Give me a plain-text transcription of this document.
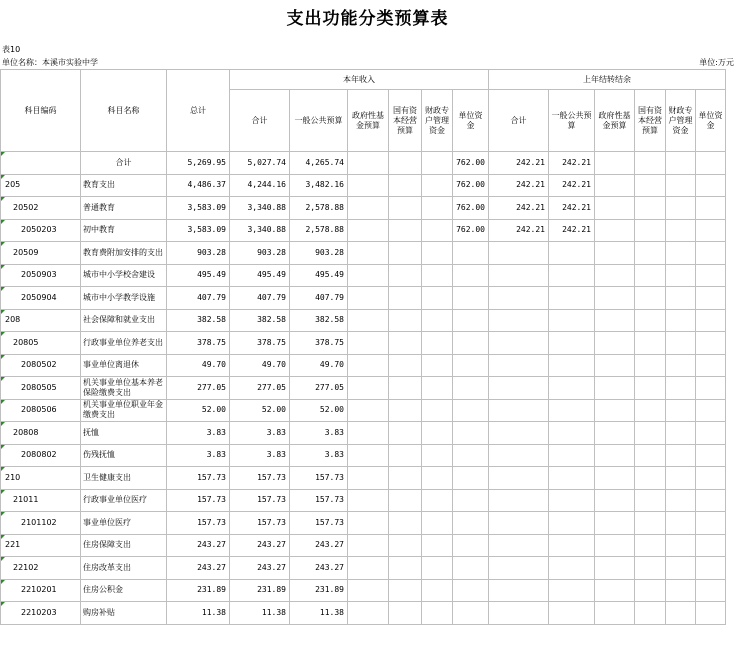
支出功能分类预算表
表10
单位名称：本溪市实验中学	单位:万元
科目编码	科目名称	总计	本年收入						上年结转结余					
			合计	一般公共预算	政府性基金预算	国有资本经营预算	财政专户管理资金	单位资金	合计	一般公共预算	政府性基金预算	国有资本经营预算	财政专户管理资金	单位资金
	合计	5,269.95	5,027.74	4,265.74				762.00	242.21	242.21				
205	教育支出	4,486.37	4,244.16	3,482.16				762.00	242.21	242.21				
20502	普通教育	3,583.09	3,340.88	2,578.88				762.00	242.21	242.21				
2050203	初中教育	3,583.09	3,340.88	2,578.88				762.00	242.21	242.21				
20509	教育费附加安排的支出	903.28	903.28	903.28										
2050903	城市中小学校舍建设	495.49	495.49	495.49										
2050904	城市中小学教学设施	407.79	407.79	407.79										
208	社会保障和就业支出	382.58	382.58	382.58										
20805	行政事业单位养老支出	378.75	378.75	378.75										
2080502	事业单位离退休	49.70	49.70	49.70										
2080505	机关事业单位基本养老保险缴费支出	277.05	277.05	277.05										
2080506	机关事业单位职业年金缴费支出	52.00	52.00	52.00										
20808	抚恤	3.83	3.83	3.83										
2080802	伤残抚恤	3.83	3.83	3.83										
210	卫生健康支出	157.73	157.73	157.73										
21011	行政事业单位医疗	157.73	157.73	157.73										
2101102	事业单位医疗	157.73	157.73	157.73										
221	住房保障支出	243.27	243.27	243.27										
22102	住房改革支出	243.27	243.27	243.27										
2210201	住房公积金	231.89	231.89	231.89										
2210203	购房补贴	11.38	11.38	11.38										
